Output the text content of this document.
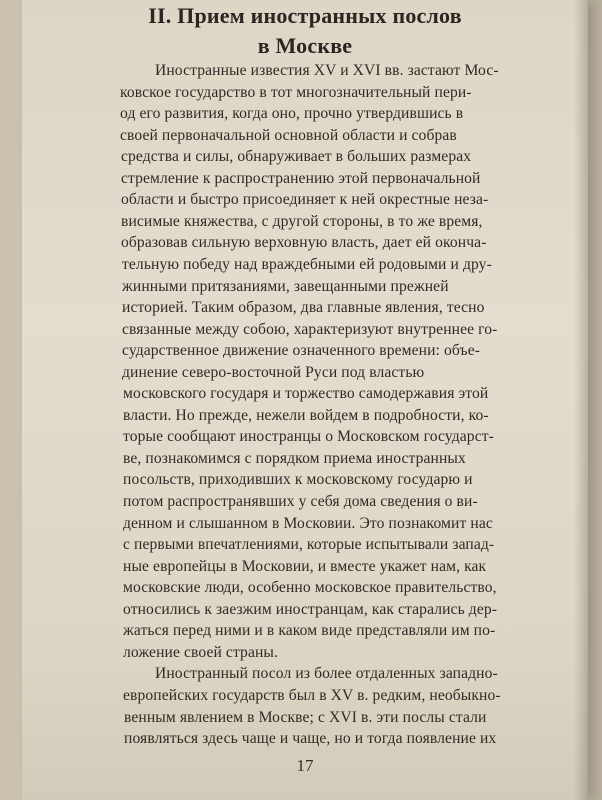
II. Прием иностранных послов
в Москве
Иностранные известия XV и XVI вв. застают Мос-
ковское государство в тот многозначительный пери-
од его развития, когда оно, прочно утвердившись в
своей первоначальной основной области и собрав
средства и силы, обнаруживает в больших размерах
стремление к распространению этой первоначальной
области и быстро присоединяет к ней окрестные неза-
висимые княжества, с другой стороны, в то же время,
образовав сильную верховную власть, дает ей оконча-
тельную победу над враждебными ей родовыми и дру-
жинными притязаниями, завещанными прежней
историей. Таким образом, два главные явления, тесно
связанные между собою, характеризуют внутреннее го-
сударственное движение означенного времени: объе-
динение северо-восточной Руси под властью
московского государя и торжество самодержавия этой
власти. Но прежде, нежели войдем в подробности, ко-
торые сообщают иностранцы о Московском государст-
ве, познакомимся с порядком приема иностранных
посольств, приходивших к московскому государю и
потом распространявших у себя дома сведения о ви-
денном и слышанном в Московии. Это познакомит нас
с первыми впечатлениями, которые испытывали запад-
ные европейцы в Московии, и вместе укажет нам, как
московские люди, особенно московское правительство,
относились к заезжим иностранцам, как старались дер-
жаться перед ними и в каком виде представляли им по-
ложение своей страны.
Иностранный посол из более отдаленных западно-
европейских государств был в XV в. редким, необыкно-
венным явлением в Москве; с XVI в. эти послы стали
появляться здесь чаще и чаще, но и тогда появление их
17
